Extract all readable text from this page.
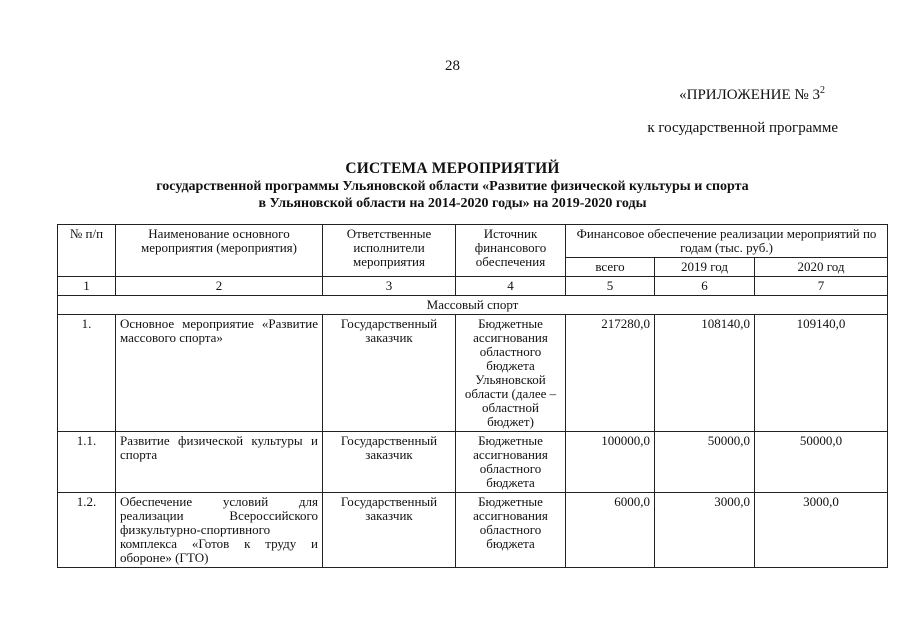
28
«ПРИЛОЖЕНИЕ № $3^2$
к государственной программе
СИСТЕМА МЕРОПРИЯТИЙ
государственной программы Ульяновской области «Развитие физической культуры и спорта
в Ульяновской области на 2014-2020 годы» на 2019-2020 годы
№ п/п	Наименование основного мероприятия (мероприятия)	Ответственные исполнители мероприятия	Источник финансового обеспечения	Финансовое обеспечение реализации мероприятий по годам (тыс. руб.)		
				всего	2019 год	2020 год
1	2	3	4	5	6	7
Массовый спорт						
1.	Основное мероприятие «Развитие массового спорта»	Государственный заказчик	Бюджетные ассигнования областного бюджета Ульяновской области (далее – областной бюджет)	217280,0	108140,0	109140,0
1.1.	Развитие физической культуры и спорта	Государственный заказчик	Бюджетные ассигнования областного бюджета	100000,0	50000,0	50000,0
1.2.	Обеспечение условий для реализации Всероссийского физкультурно-спортивного комплекса «Готов к труду и обороне» (ГТО)	Государственный заказчик	Бюджетные ассигнования областного бюджета	6000,0	3000,0	3000,0
